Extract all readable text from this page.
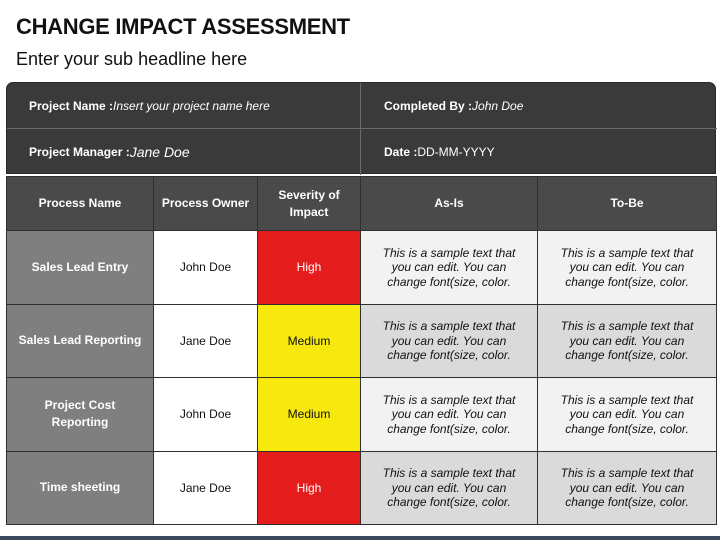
CHANGE IMPACT ASSESSMENT
Enter your sub headline here
Project Name : Insert your project name here	Completed By : John Doe
Project Manager : Jane Doe	Date : DD-MM-YYYY
Process Name	Process Owner	Severity of Impact	As-Is	To-Be
Sales Lead Entry	John Doe	High	This is a sample text that you can edit. You can change font(size, color.	This is a sample text that you can edit. You can change font(size, color.
Sales Lead Reporting	Jane Doe	Medium	This is a sample text that you can edit. You can change font(size, color.	This is a sample text that you can edit. You can change font(size, color.
Project Cost Reporting	John Doe	Medium	This is a sample text that you can edit. You can change font(size, color.	This is a sample text that you can edit. You can change font(size, color.
Time sheeting	Jane Doe	High	This is a sample text that you can edit. You can change font(size, color.	This is a sample text that you can edit. You can change font(size, color.
